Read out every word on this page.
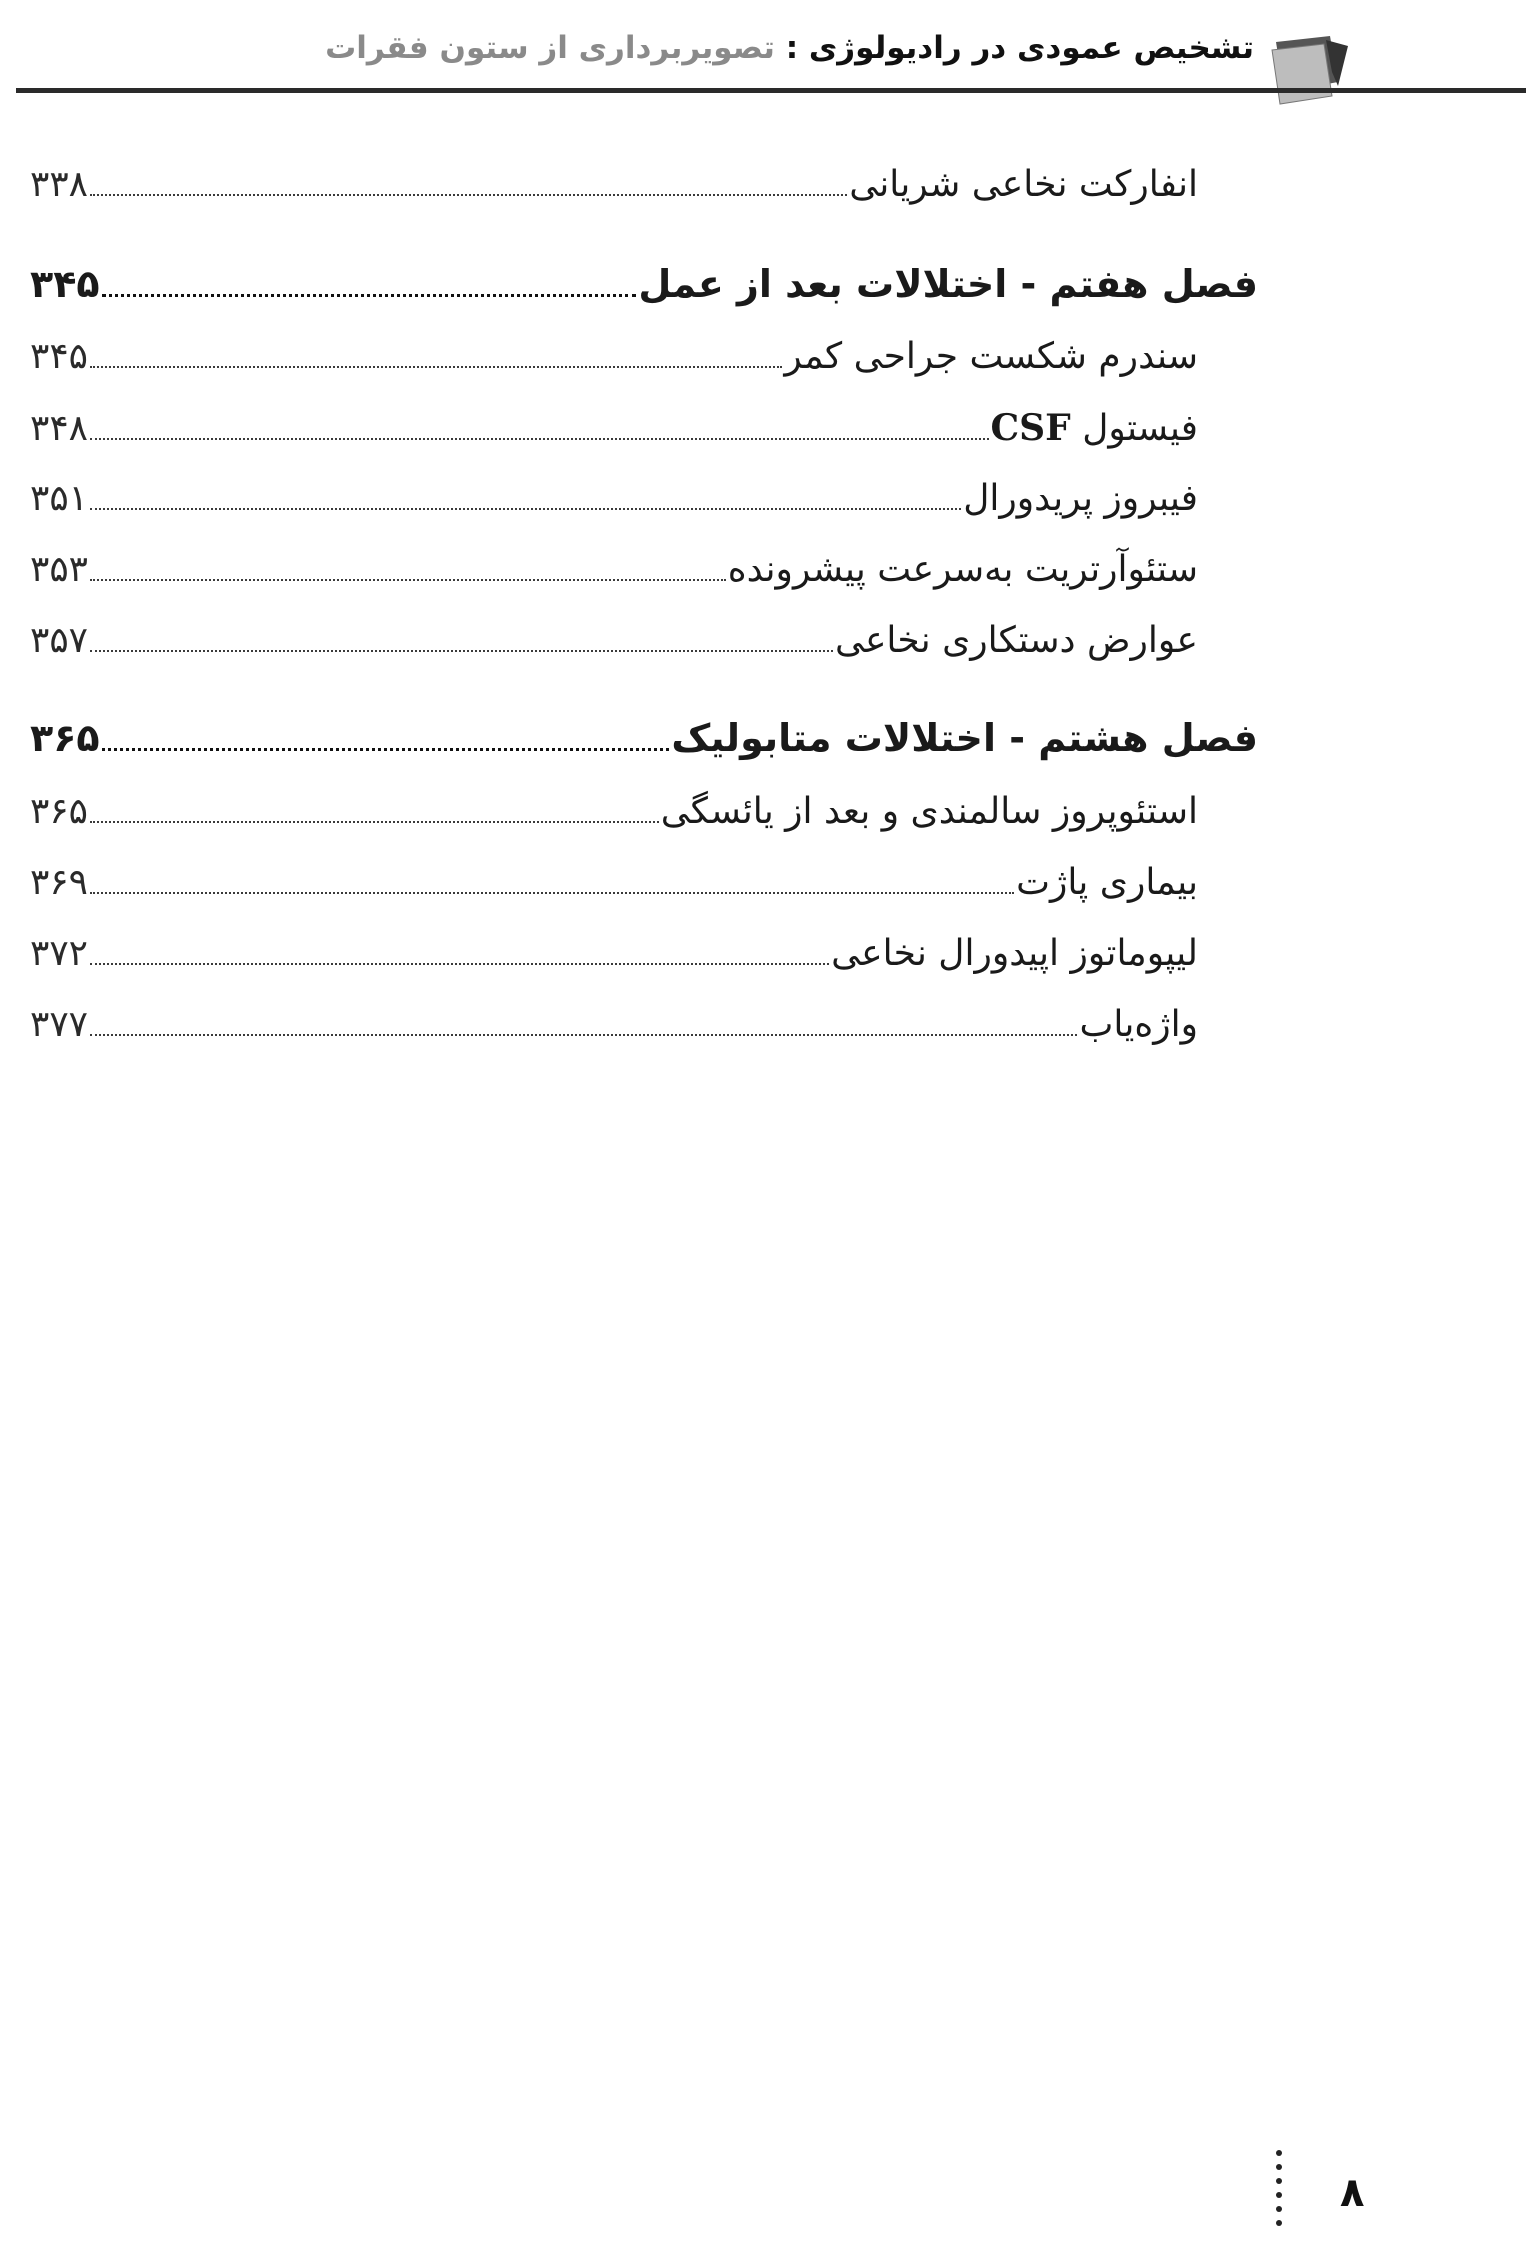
تشخیص عمودی در رادیولوژی : تصویربرداری از ستون فقرات
انفارکت نخاعی شریانی
۳۳۸
فصل هفتم - اختلالات بعد از عمل
۳۴۵
سندرم شکست جراحی کمر
۳۴۵
فیستول CSF
۳۴۸
فیبروز پریدورال
۳۵۱
ستئوآرتریت به‌سرعت پیشرونده
۳۵۳
عوارض دستکاری نخاعی
۳۵۷
فصل هشتم - اختلالات متابولیک
۳۶۵
استئوپروز سالمندی و بعد از یائسگی
۳۶۵
بیماری پاژت
۳۶۹
لیپوماتوز اپیدورال نخاعی
۳۷۲
واژه‌یاب
۳۷۷
۸
